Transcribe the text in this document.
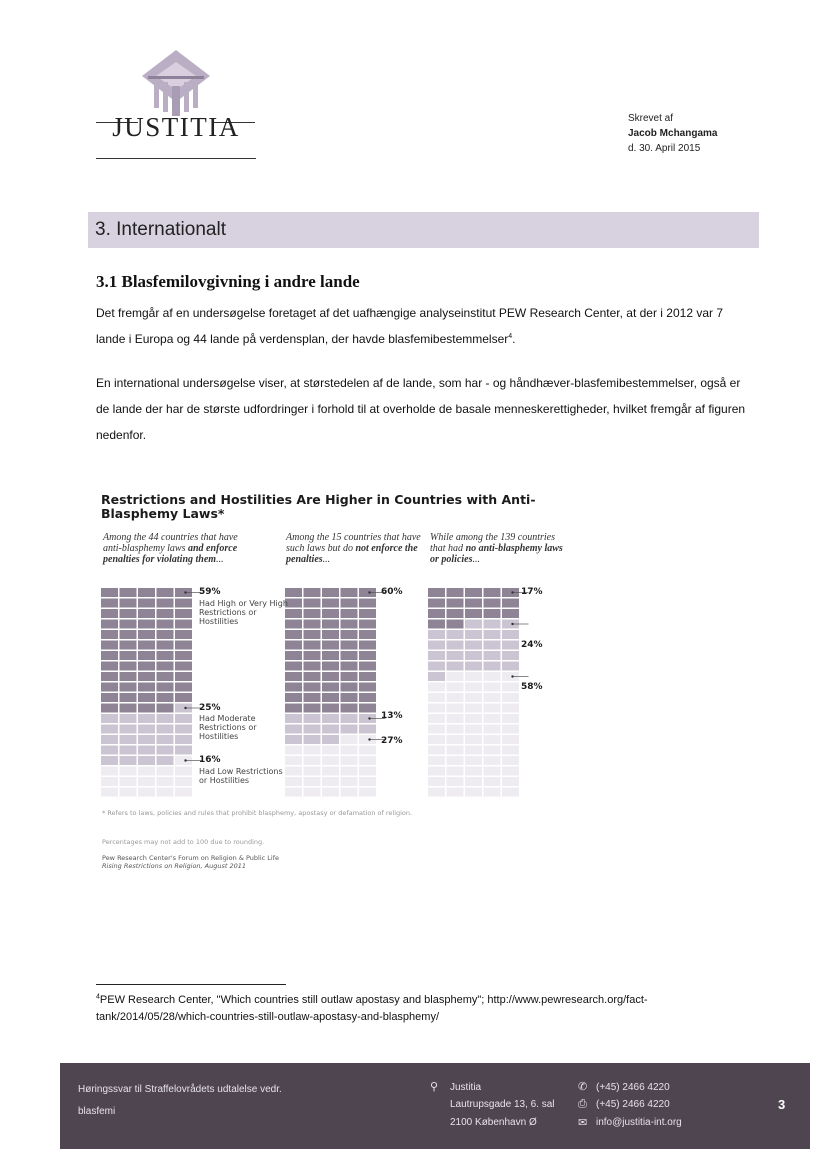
JUSTITIA	Skrevet af
Jacob Mchangama
d. 30. April 2015
3. Internationalt
3.1 Blasfemilovgivning i andre lande
Det fremgår af en undersøgelse foretaget af det uafhængige analyseinstitut PEW Research Center, at der i 2012 var 7 lande i Europa og 44 lande på verdensplan, der havde blasfemibestemmelser$^4$.
En international undersøgelse viser, at størstedelen af de lande, som har - og håndhæver-blasfemibestemmelser, også er de lande der har de største udfordringer i forhold til at overholde de basale menneskerettigheder, hvilket fremgår af figuren nedenfor.
Restrictions and Hostilities Are Higher in Countries with Anti-Blasphemy Laws*
Among the 44 countries that have anti-blasphemy laws and enforce penalties for violating them...
Among the 15 countries that have such laws but do not enforce the penalties...
While among the 139 countries that had no anti-blasphemy laws or policies...
59%
Had High or Very High Restrictions or Hostilities
25%
Had Moderate Restrictions or Hostilities
16%
Had Low Restrictions or Hostilities
60%
13%
27%
17%
24%
58%
* Refers to laws, policies and rules that prohibit blasphemy, apostasy or defamation of religion.
Percentages may not add to 100 due to rounding.
Pew Research Center's Forum on Religion & Public Life
Rising Restrictions on Religion, August 2011
$^4$PEW Research Center, "Which countries still outlaw apostasy and blasphemy"; http://www.pewresearch.org/fact-tank/2014/05/28/which-countries-still-outlaw-apostasy-and-blasphemy/
Høringssvar til Straffelovrådets udtalelse vedr.
blasfemi
⚲ Justitia
Lautrupsgade 13, 6. sal
2100 København Ø
✆ (+45) 2466 4220
⎙ (+45) 2466 4220
✉ info@justitia-int.org
3
